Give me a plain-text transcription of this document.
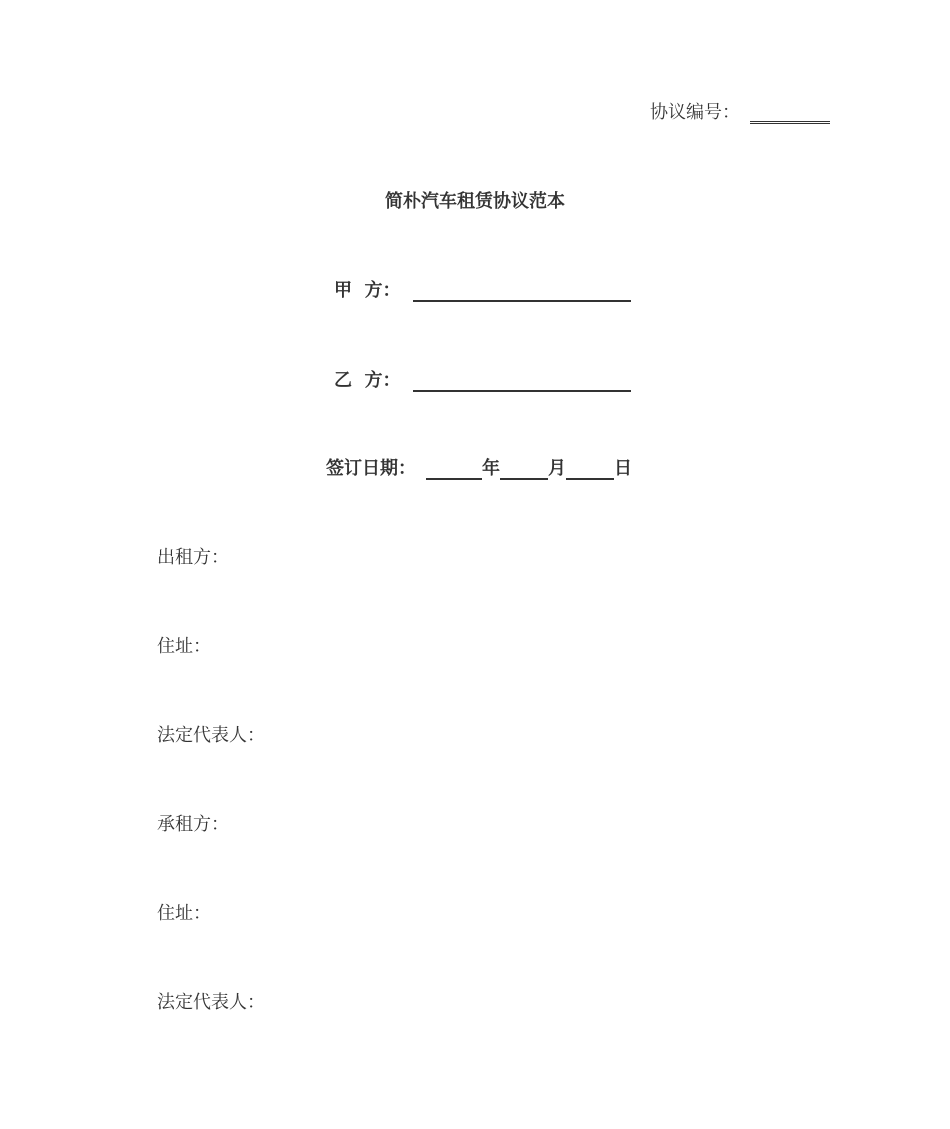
协议编号：
简朴汽车租赁协议范本
甲  方：
乙  方：
签订日期：	年	月	日
出租方：
住址：
法定代表人：
承租方：
住址：
法定代表人：
